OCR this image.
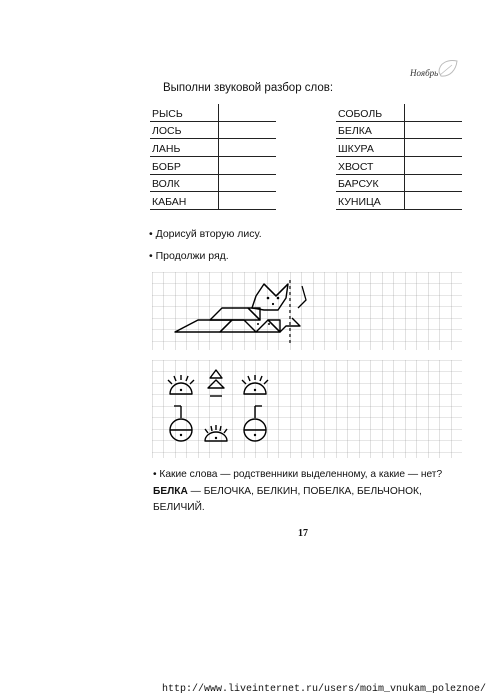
Ноябрь
Выполни звуковой разбор слов:
РЫСЬ	
ЛОСЬ	
ЛАНЬ	
БОБР	
ВОЛК	
КАБАН	
СОБОЛЬ	
БЕЛКА	
ШКУРА	
ХВОСТ	
БАРСУК	
КУНИЦА	
• Дорисуй вторую лису.
• Продолжи ряд.
• Какие слова — родственники выделенному, а какие — нет? БЕЛКА — БЕЛОЧКА, БЕЛКИН, ПОБЕЛКА, БЕЛЬЧОНОК, БЕЛИЧИЙ.
17
http://www.liveinternet.ru/users/moim_vnukam_poleznoe/
